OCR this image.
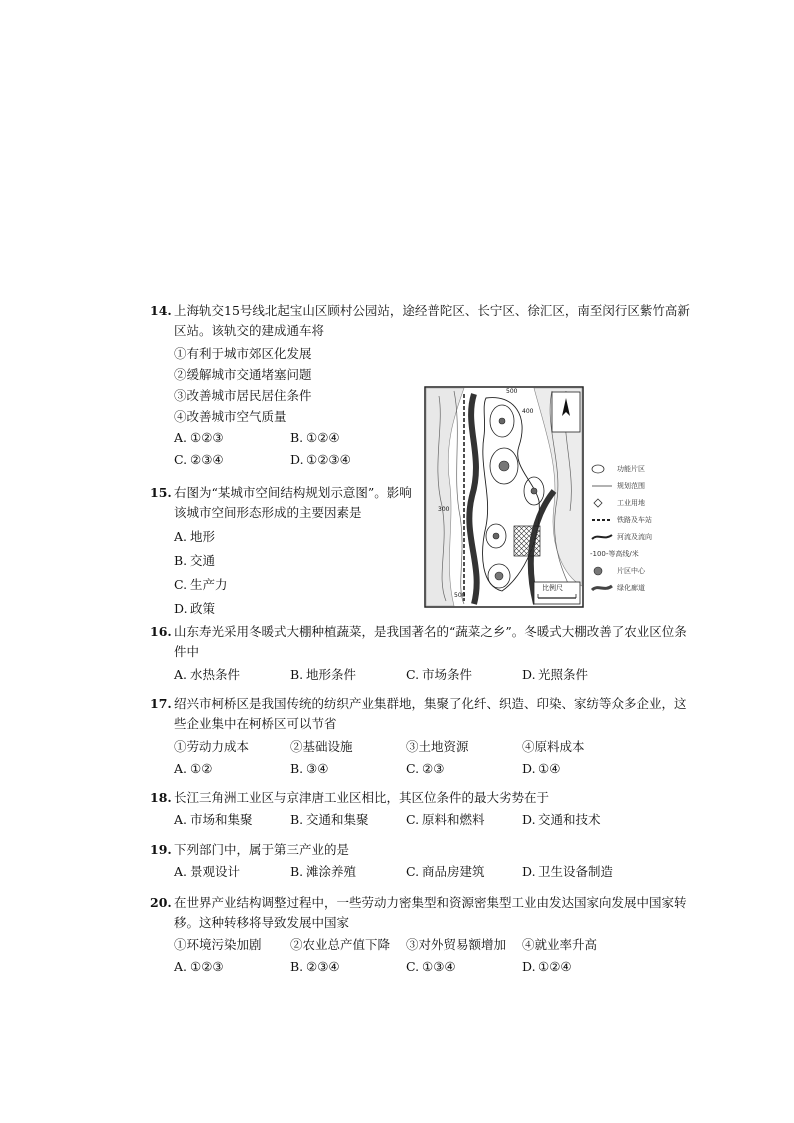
14. 上海轨交15号线北起宝山区顾村公园站，途经普陀区、长宁区、徐汇区，南至闵行区紫竹高新
区站。该轨交的建成通车将
①有利于城市郊区化发展
②缓解城市交通堵塞问题
③改善城市居民居住条件
④改善城市空气质量
A. ①②③	B. ①②④
C. ②③④	D. ①②③④
15. 右图为“某城市空间结构规划示意图”。影响
该城市空间形态形成的主要因素是
A. 地形
B. 交通
C. 生产力
D. 政策
比例尺
500
400
300
500
功能片区
规划范围
工业用地
铁路及车站
河流及流向
-100-等高线/米
片区中心
绿化廊道
16. 山东寿光采用冬暖式大棚种植蔬菜，是我国著名的“蔬菜之乡”。冬暖式大棚改善了农业区位条
件中
A. 水热条件	B. 地形条件	C. 市场条件	D. 光照条件
17. 绍兴市柯桥区是我国传统的纺织产业集群地，集聚了化纤、织造、印染、家纺等众多企业，这
些企业集中在柯桥区可以节省
①劳动力成本	②基础设施	③土地资源	④原料成本
A. ①②	B. ③④	C. ②③	D. ①④
18. 长江三角洲工业区与京津唐工业区相比，其区位条件的最大劣势在于
A. 市场和集聚	B. 交通和集聚	C. 原料和燃料	D. 交通和技术
19. 下列部门中，属于第三产业的是
A. 景观设计	B. 滩涂养殖	C. 商品房建筑	D. 卫生设备制造
20. 在世界产业结构调整过程中，一些劳动力密集型和资源密集型工业由发达国家向发展中国家转
移。这种转移将导致发展中国家
①环境污染加剧	②农业总产值下降	③对外贸易额增加	④就业率升高
A. ①②③	B. ②③④	C. ①③④	D. ①②④
